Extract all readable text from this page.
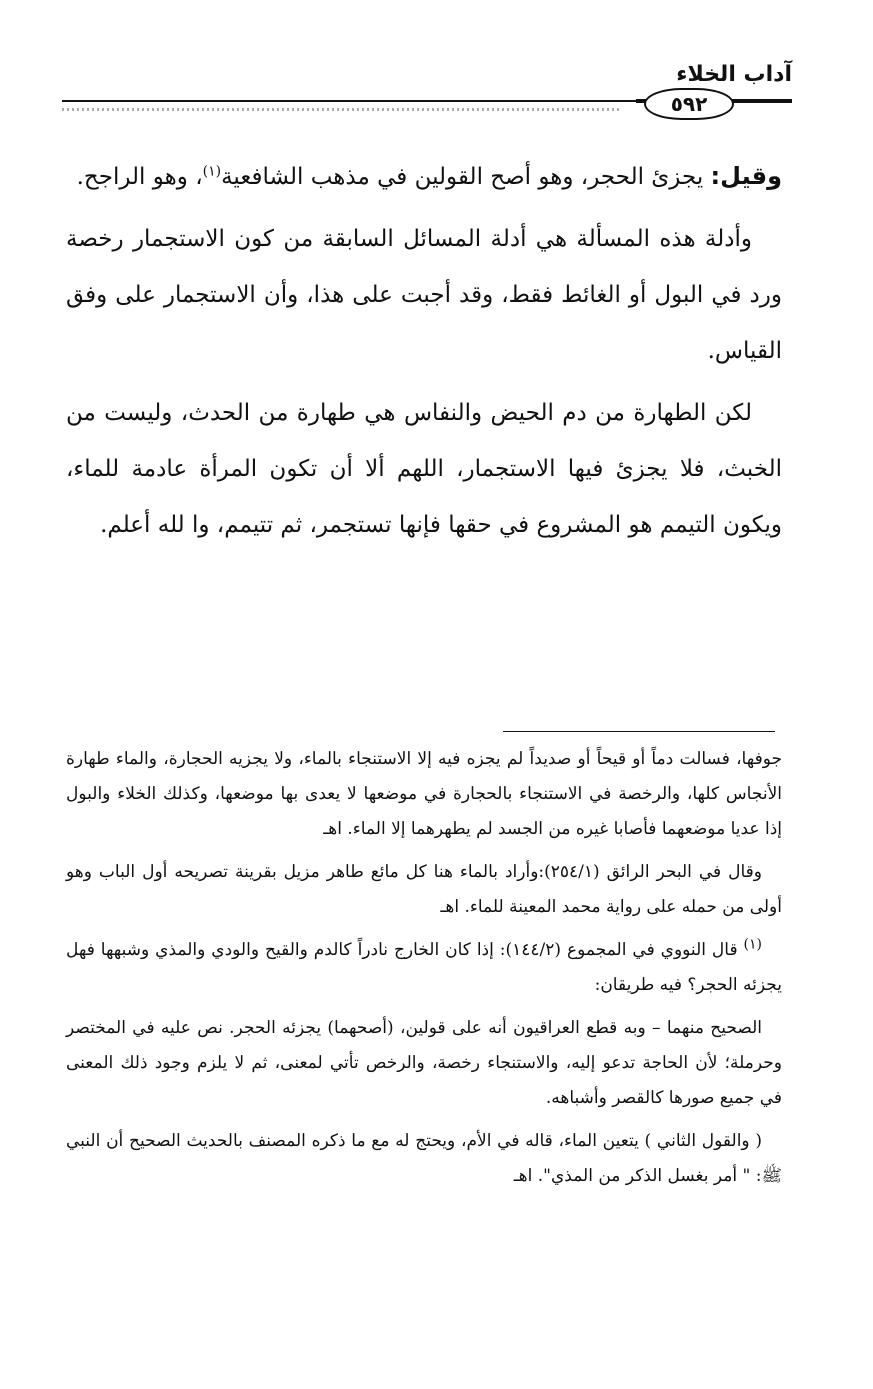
آداب الخلاء
٥٩٢

وقيل: يجزئ الحجر، وهو أصح القولين في مذهب الشافعية$^{(١)}$، وهو الراجح.

وأدلة هذه المسألة هي أدلة المسائل السابقة من كون الاستجمار رخصة ورد في البول أو الغائط فقط، وقد أجبت على هذا، وأن الاستجمار على وفق القياس.

لكن الطهارة من دم الحيض والنفاس هي طهارة من الحدث، وليست من الخبث، فلا يجزئ فيها الاستجمار، اللهم ألا أن تكون المرأة عادمة للماء، ويكون التيمم هو المشروع في حقها فإنها تستجمر، ثم تتيمم، وا لله أعلم.

جوفها، فسالت دماً أو قيحاً أو صديداً لم يجزه فيه إلا الاستنجاء بالماء، ولا يجزيه الحجارة، والماء طهارة الأنجاس كلها، والرخصة في الاستنجاء بالحجارة في موضعها لا يعدى بها موضعها، وكذلك الخلاء والبول إذا عديا موضعهما فأصابا غيره من الجسد لم يطهرهما إلا الماء. اهـ

وقال في البحر الرائق (٢٥٤/١):وأراد بالماء هنا كل مائع طاهر مزيل بقرينة تصريحه أول الباب وهو أولى من حمله على رواية محمد المعينة للماء. اهـ

$^{(١)}$ قال النووي في المجموع (١٤٤/٢): إذا كان الخارج نادراً كالدم والقيح والودي والمذي وشبهها فهل يجزئه الحجر؟ فيه طريقان:

الصحيح منهما – وبه قطع العراقيون أنه على قولين، (أصحهما) يجزئه الحجر. نص عليه في المختصر وحرملة؛ لأن الحاجة تدعو إليه، والاستنجاء رخصة، والرخص تأتي لمعنى، ثم لا يلزم وجود ذلك المعنى في جميع صورها كالقصر وأشباهه.

( والقول الثاني ) يتعين الماء، قاله في الأم، ويحتج له مع ما ذكره المصنف بالحديث الصحيح أن النبي ﷺ: " أمر بغسل الذكر من المذي". اهـ
